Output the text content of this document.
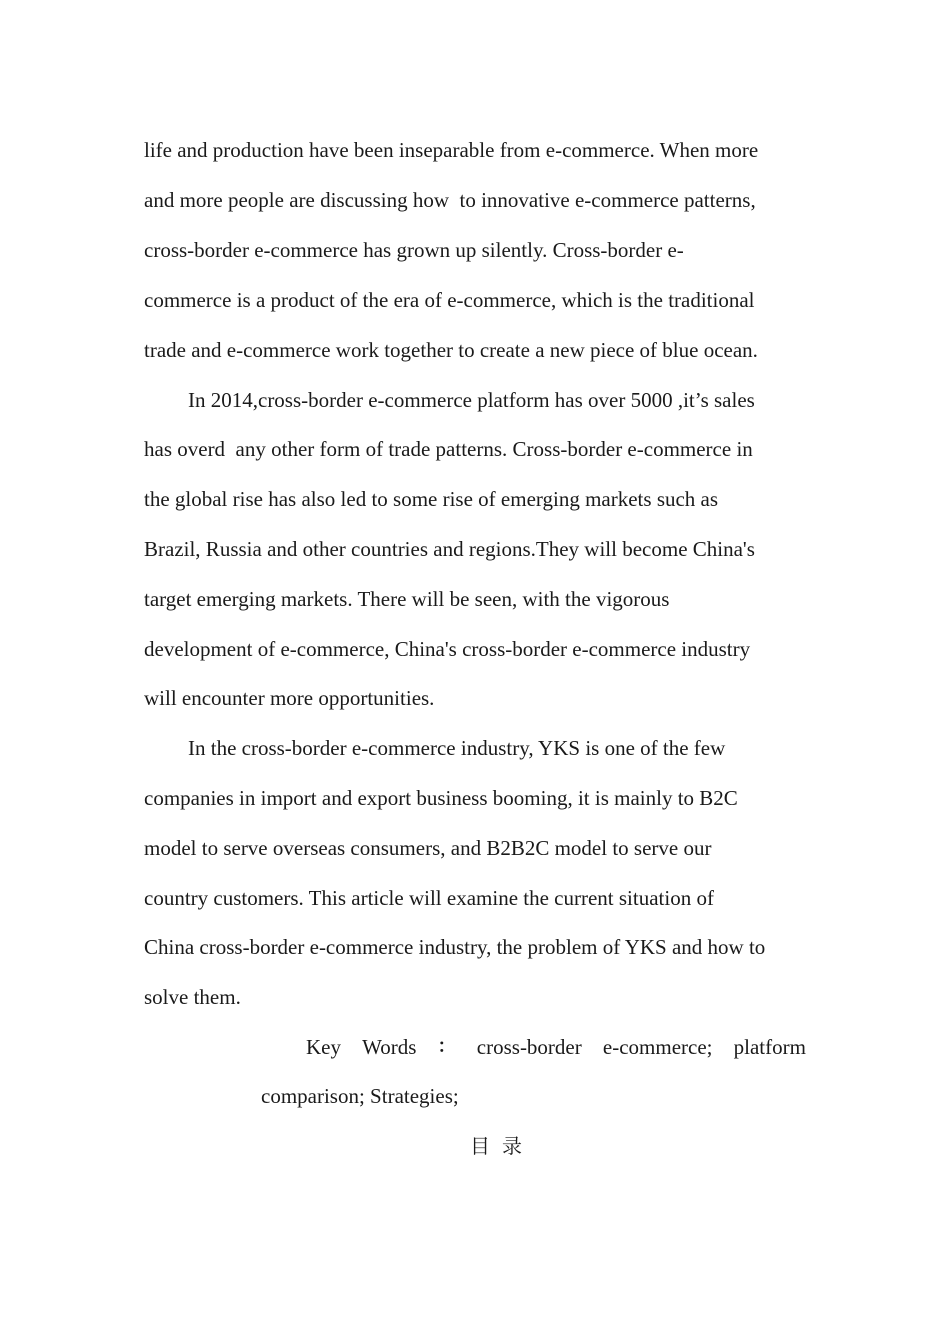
life and production have been inseparable from e-commerce. When more
and more people are discussing how  to innovative e-commerce patterns,
cross-border e-commerce has grown up silently. Cross-border e-
commerce is a product of the era of e-commerce, which is the traditional
trade and e-commerce work together to create a new piece of blue ocean.
In 2014,cross-border e-commerce platform has over 5000 ,it’s sales
has overd  any other form of trade patterns. Cross-border e-commerce in
the global rise has also led to some rise of emerging markets such as
Brazil, Russia and other countries and regions.They will become China's
target emerging markets. There will be seen, with the vigorous
development of e-commerce, China's cross-border e-commerce industry
will encounter more opportunities.
In the cross-border e-commerce industry, YKS is one of the few
companies in import and export business booming, it is mainly to B2C
model to serve overseas consumers, and B2B2C model to serve our
country customers. This article will examine the current situation of
China cross-border e-commerce industry, the problem of YKS and how to
solve them.
Key Words ： cross-border e-commerce; platform
comparison; Strategies;
目录
